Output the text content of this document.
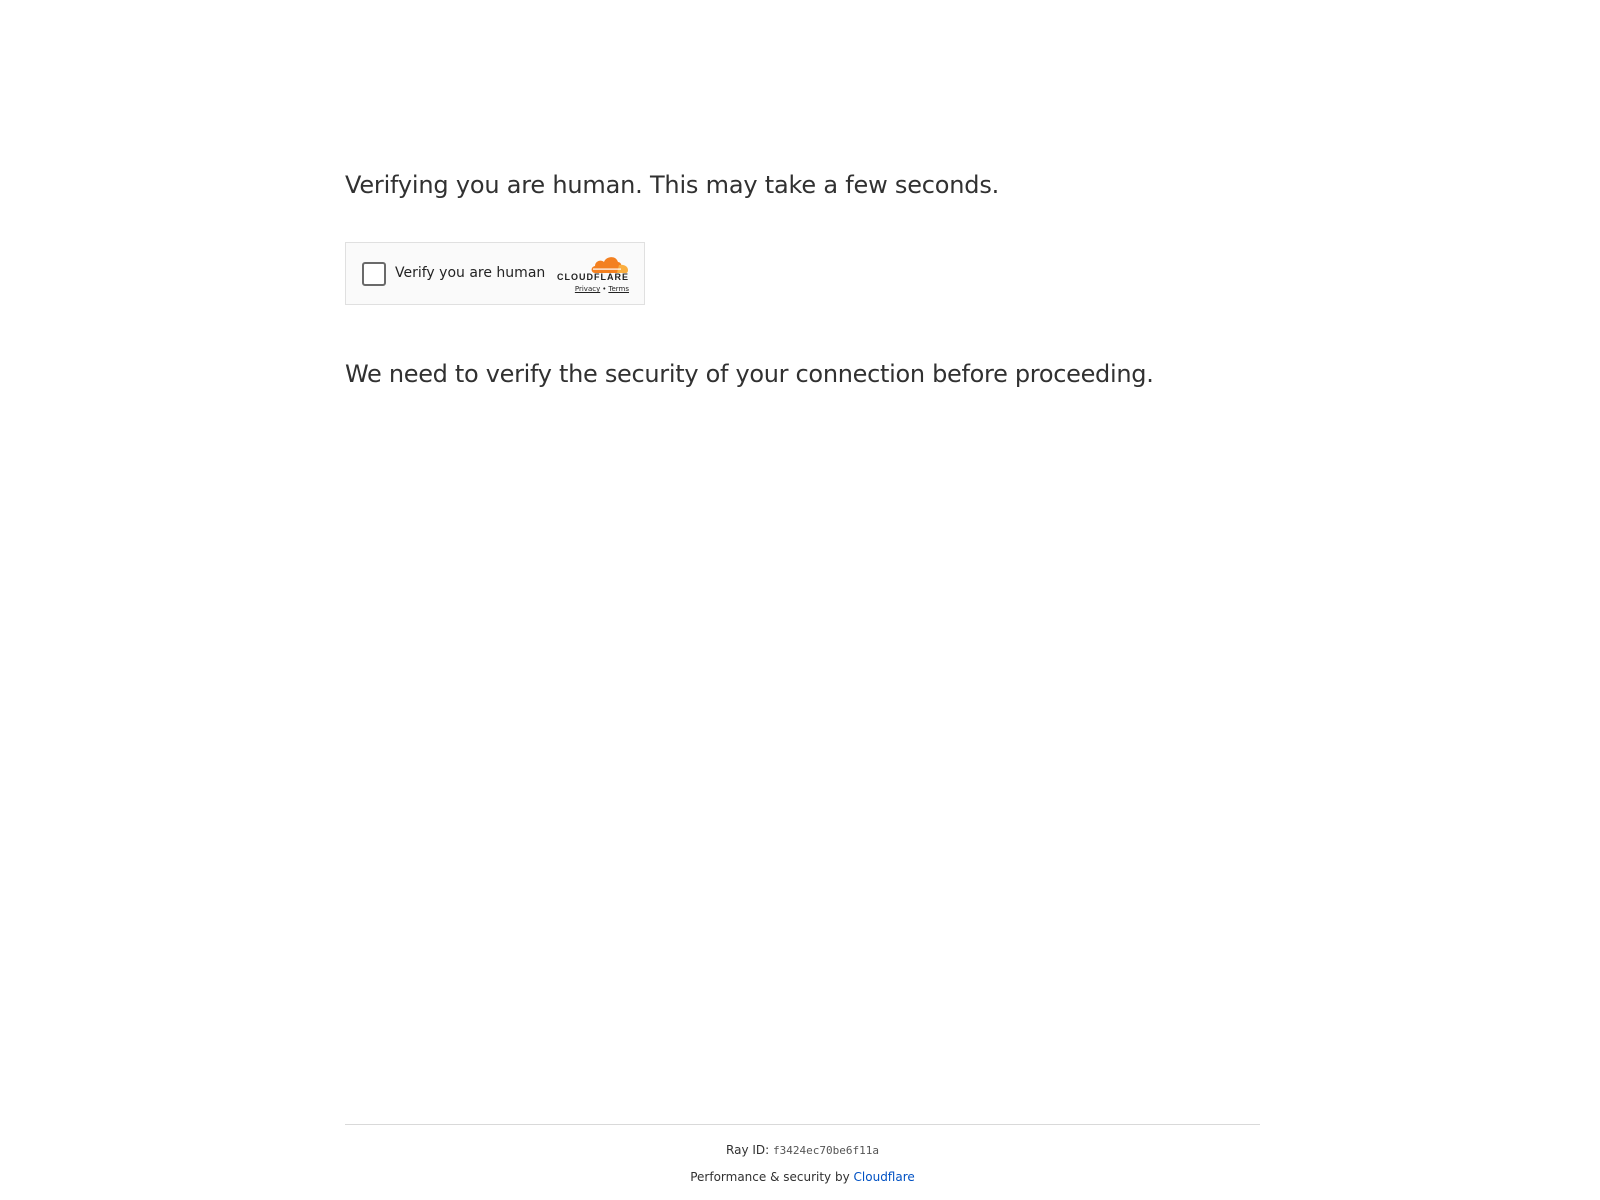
Verifying you are human. This may take a few seconds.
Verify you are human CLOUDFLARE
Privacy • Terms
We need to verify the security of your connection before proceeding.
Ray ID: f3424ec70be6f11a
Performance & security by Cloudflare
